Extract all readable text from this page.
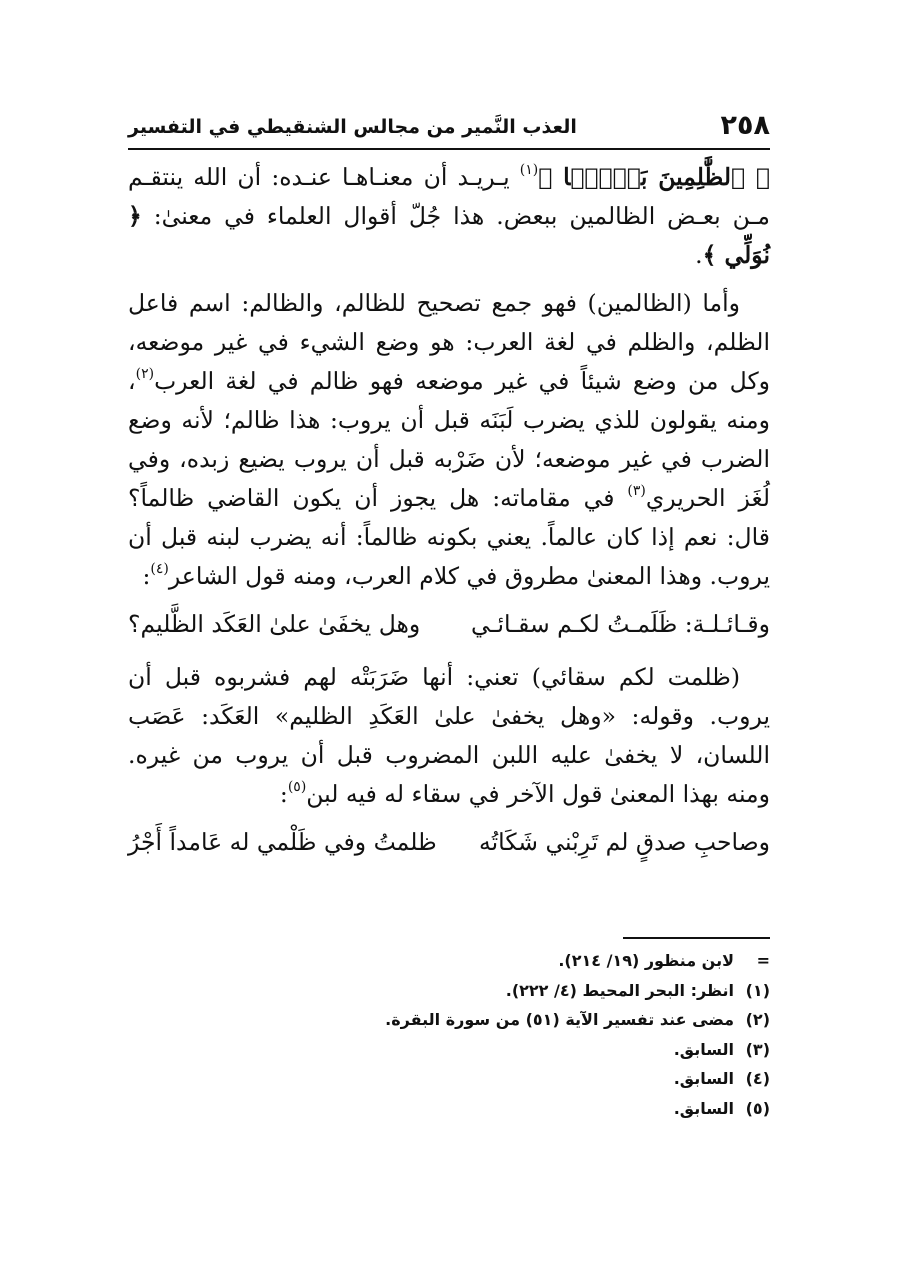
٢٥٨
العذب النَّمير من مجالس الشنقيطي في التفسير

﴿ ٱلظَّٰلِمِينَ بَعۡضَۢا ﴾$^{(١)}$ يـريـد أن معنـاهـا عنـده: أن الله ينتقـم مـن بعـض الظالمين ببعض. هذا جُلّ أقوال العلماء في معنىٰ: ﴿ نُوَلِّي ﴾.

وأما (الظالمين) فهو جمع تصحيح للظالم، والظالم: اسم فاعل الظلم، والظلم في لغة العرب: هو وضع الشيء في غير موضعه، وكل من وضع شيئاً في غير موضعه فهو ظالم في لغة العرب$^{(٢)}$، ومنه يقولون للذي يضرب لَبَنَه قبل أن يروب: هذا ظالم؛ لأنه وضع الضرب في غير موضعه؛ لأن ضَرْبه قبل أن يروب يضيع زبده، وفي لُغَز الحريري$^{(٣)}$ في مقاماته: هل يجوز أن يكون القاضي ظالماً؟ قال: نعم إذا كان عالماً. يعني بكونه ظالماً: أنه يضرب لبنه قبل أن يروب. وهذا المعنىٰ مطروق في كلام العرب، ومنه قول الشاعر$^{(٤)}$:

وقـائـلـة: ظَلَمـتُ لكـم سقـائـي
وهل يخفَىٰ علىٰ العَكَد الظَّليم؟

(ظلمت لكم سقائي) تعني: أنها ضَرَبَتْه لهم فشربوه قبل أن يروب. وقوله: «وهل يخفىٰ علىٰ العَكَدِ الظليم» العَكَد: عَصَب اللسان، لا يخفىٰ عليه اللبن المضروب قبل أن يروب من غيره. ومنه بهذا المعنىٰ قول الآخر في سقاء له فيه لبن$^{(٥)}$:

وصاحبِ صدقٍ لم تَرِبْني شَكَاتُه
ظلمتُ وفي ظَلْمي له عَامداً أَجْرُ
=
لابن منظور (١٩/ ٢١٤).
(١)
انظر: البحر المحيط (٤/ ٢٢٢).
(٢)
مضى عند تفسير الآية (٥١) من سورة البقرة.
(٣)
السابق.
(٤)
السابق.
(٥)
السابق.
